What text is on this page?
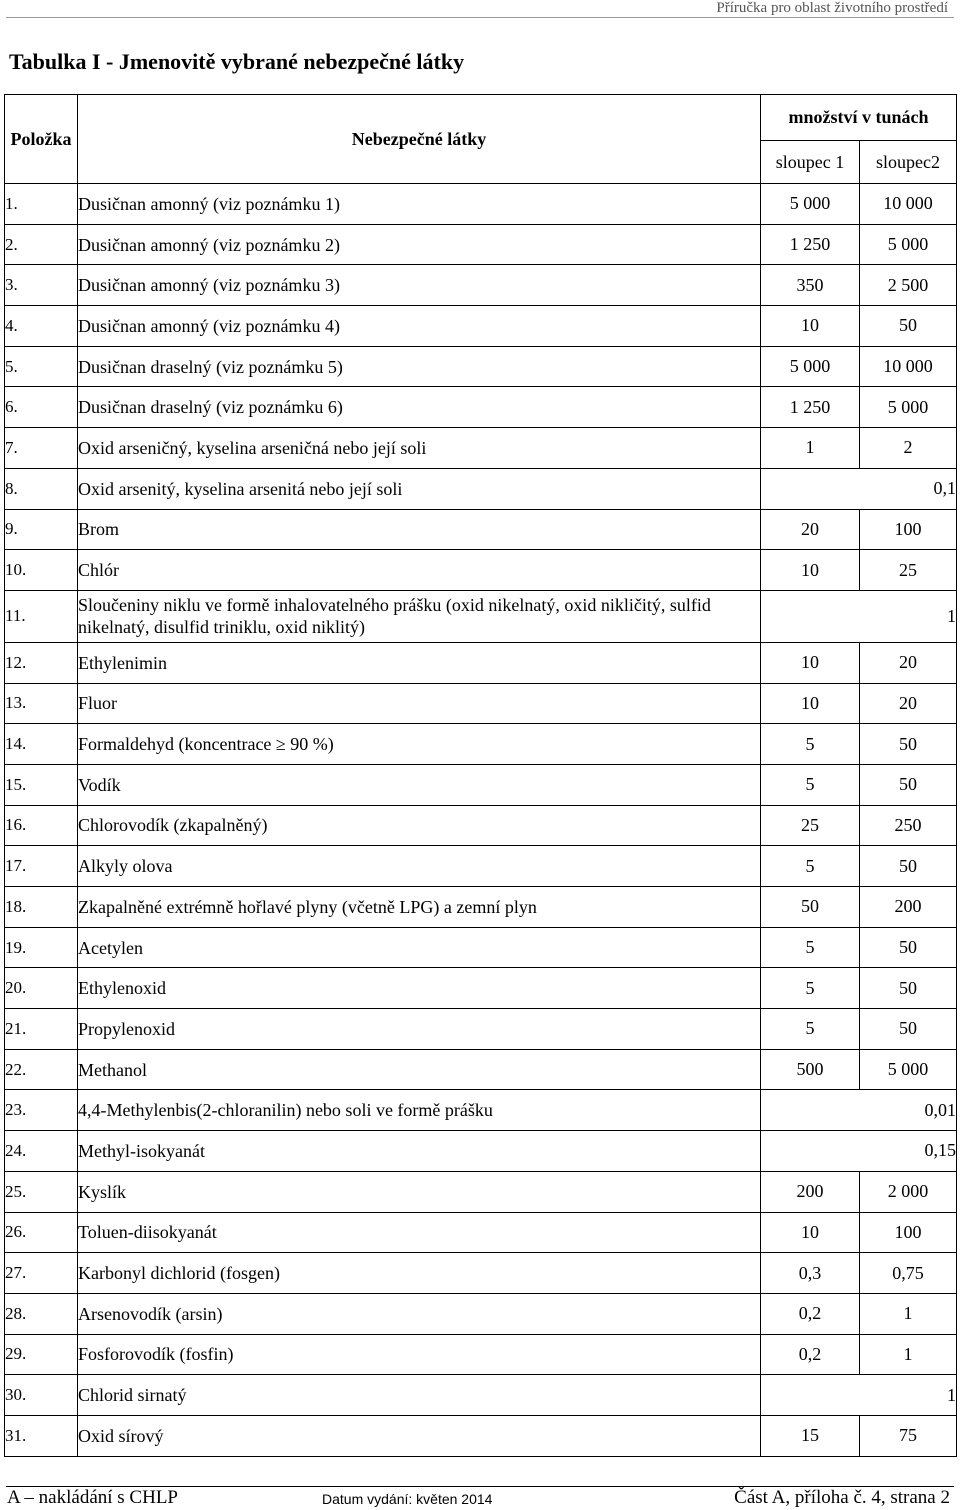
Příručka pro oblast životního prostředí
Tabulka I - Jmenovitě vybrané nebezpečné látky
Položka	Nebezpečné látky	množství v tunách	
		sloupec 1	sloupec2
1.	Dusičnan amonný (viz poznámku 1)	5 000	10 000
2.	Dusičnan amonný (viz poznámku 2)	1 250	5 000
3.	Dusičnan amonný (viz poznámku 3)	350	2 500
4.	Dusičnan amonný (viz poznámku 4)	10	50
5.	Dusičnan draselný (viz poznámku 5)	5 000	10 000
6.	Dusičnan draselný (viz poznámku 6)	1 250	5 000
7.	Oxid arseničný, kyselina arseničná nebo její soli	1	2
8.	Oxid arsenitý, kyselina arsenitá nebo její soli	0,1	
9.	Brom	20	100
10.	Chlór	10	25
11.	Sloučeniny niklu ve formě inhalovatelného prášku (oxid nikelnatý, oxid nikličitý, sulfid nikelnatý, disulfid triniklu, oxid niklitý)	1	
12.	Ethylenimin	10	20
13.	Fluor	10	20
14.	Formaldehyd (koncentrace ≥ 90 %)	5	50
15.	Vodík	5	50
16.	Chlorovodík (zkapalněný)	25	250
17.	Alkyly olova	5	50
18.	Zkapalněné extrémně hořlavé plyny (včetně LPG) a zemní plyn	50	200
19.	Acetylen	5	50
20.	Ethylenoxid	5	50
21.	Propylenoxid	5	50
22.	Methanol	500	5 000
23.	4,4-Methylenbis(2-chloranilin) nebo soli ve formě prášku	0,01	
24.	Methyl-isokyanát	0,15	
25.	Kyslík	200	2 000
26.	Toluen-diisokyanát	10	100
27.	Karbonyl dichlorid (fosgen)	0,3	0,75
28.	Arsenovodík (arsin)	0,2	1
29.	Fosforovodík (fosfin)	0,2	1
30.	Chlorid sirnatý	1	
31.	Oxid sírový	15	75
A – nakládání s CHLP	Datum vydání: květen 2014	Část A, příloha č. 4, strana 2
